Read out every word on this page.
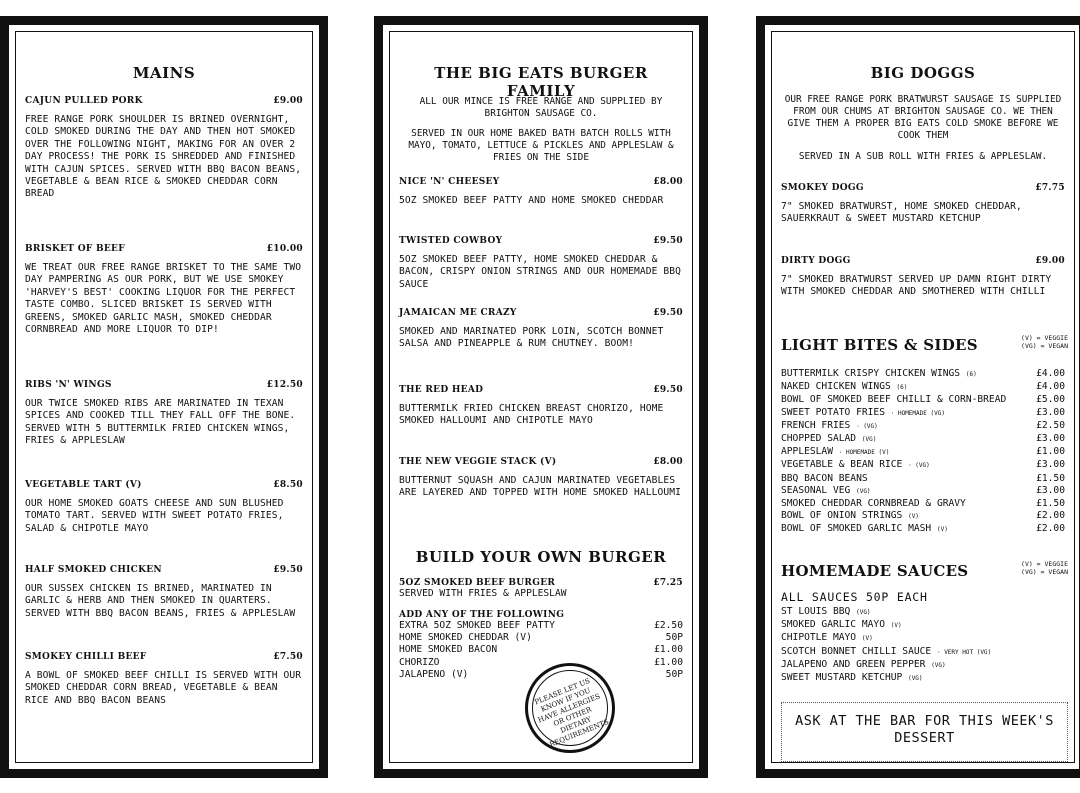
MAINS
CAJUN PULLED PORK	£9.00
FREE RANGE PORK SHOULDER IS BRINED OVERNIGHT, COLD SMOKED DURING THE DAY AND THEN HOT SMOKED OVER THE FOLLOWING NIGHT, MAKING FOR AN OVER 2 DAY PROCESS! THE PORK IS SHREDDED AND FINISHED WITH CAJUN SPICES. SERVED WITH BBQ BACON BEANS, VEGETABLE & BEAN RICE & SMOKED CHEDDAR CORN BREAD
BRISKET OF BEEF	£10.00
WE TREAT OUR FREE RANGE BRISKET TO THE SAME TWO DAY PAMPERING AS OUR PORK, BUT WE USE SMOKEY 'HARVEY'S BEST' COOKING LIQUOR FOR THE PERFECT TASTE COMBO. SLICED BRISKET IS SERVED WITH GREENS, SMOKED GARLIC MASH, SMOKED CHEDDAR CORNBREAD AND MORE LIQUOR TO DIP!
RIBS 'N' WINGS	£12.50
OUR TWICE SMOKED RIBS ARE MARINATED IN TEXAN SPICES AND COOKED TILL THEY FALL OFF THE BONE. SERVED WITH 5 BUTTERMILK FRIED CHICKEN WINGS, FRIES & APPLESLAW
VEGETABLE TART (V)	£8.50
OUR HOME SMOKED GOATS CHEESE AND SUN BLUSHED TOMATO TART. SERVED WITH SWEET POTATO FRIES, SALAD & CHIPOTLE MAYO
HALF SMOKED CHICKEN	£9.50
OUR SUSSEX CHICKEN IS BRINED, MARINATED IN GARLIC & HERB AND THEN SMOKED IN QUARTERS. SERVED WITH BBQ BACON BEANS, FRIES & APPLESLAW
SMOKEY CHILLI BEEF	£7.50
A BOWL OF SMOKED BEEF CHILLI IS SERVED WITH OUR SMOKED CHEDDAR CORN BREAD, VEGETABLE & BEAN RICE AND BBQ BACON BEANS
THE BIG EATS BURGER FAMILY
ALL OUR MINCE IS FREE RANGE AND SUPPLIED BY BRIGHTON SAUSAGE CO.
SERVED IN OUR HOME BAKED BATH BATCH ROLLS WITH MAYO, TOMATO, LETTUCE & PICKLES AND APPLESLAW & FRIES ON THE SIDE
NICE 'N' CHEESEY	£8.00
5OZ SMOKED BEEF PATTY AND HOME SMOKED CHEDDAR
TWISTED COWBOY	£9.50
5OZ SMOKED BEEF PATTY, HOME SMOKED CHEDDAR & BACON, CRISPY ONION STRINGS AND OUR HOMEMADE BBQ SAUCE
JAMAICAN ME CRAZY	£9.50
SMOKED AND MARINATED PORK LOIN, SCOTCH BONNET SALSA AND PINEAPPLE & RUM CHUTNEY. BOOM!
THE RED HEAD	£9.50
BUTTERMILK FRIED CHICKEN BREAST CHORIZO, HOME SMOKED HALLOUMI AND CHIPOTLE MAYO
THE NEW VEGGIE STACK (V)	£8.00
BUTTERNUT SQUASH AND CAJUN MARINATED VEGETABLES ARE LAYERED AND TOPPED WITH HOME SMOKED HALLOUMI
BUILD YOUR OWN BURGER
5OZ SMOKED BEEF BURGER	£7.25
SERVED WITH FRIES & APPLESLAW
ADD ANY OF THE FOLLOWING
EXTRA 5OZ SMOKED BEEF PATTY	£2.50
HOME SMOKED CHEDDAR (V)	50P
HOME SMOKED BACON	£1.00
CHORIZO	£1.00
JALAPENO (V)	50P
PLEASE LET US KNOW IF YOU HAVE ALLERGIES OR OTHER DIETARY REQUIREMENTS
BIG DOGGS
OUR FREE RANGE PORK BRATWURST SAUSAGE IS SUPPLIED FROM OUR CHUMS AT BRIGHTON SAUSAGE CO. WE THEN GIVE THEM A PROPER BIG EATS COLD SMOKE BEFORE WE COOK THEM
SERVED IN A SUB ROLL WITH FRIES & APPLESLAW.
SMOKEY DOGG	£7.75
7" SMOKED BRATWURST, HOME SMOKED CHEDDAR, SAUERKRAUT & SWEET MUSTARD KETCHUP
DIRTY DOGG	£9.00
7" SMOKED BRATWURST SERVED UP DAMN RIGHT DIRTY WITH SMOKED CHEDDAR AND SMOTHERED WITH CHILLI
LIGHT BITES & SIDES	(V) = VEGGIE
(VG) = VEGAN
BUTTERMILK CRISPY CHICKEN WINGS (6)	£4.00
NAKED CHICKEN WINGS (6)	£4.00
BOWL OF SMOKED BEEF CHILLI & CORN-BREAD	£5.00
SWEET POTATO FRIES · HOMEMADE (VG)	£3.00
FRENCH FRIES · (VG)	£2.50
CHOPPED SALAD (VG)	£3.00
APPLESLAW · HOMEMADE (V)	£1.00
VEGETABLE & BEAN RICE · (VG)	£3.00
BBQ BACON BEANS	£1.50
SEASONAL VEG (VG)	£3.00
SMOKED CHEDDAR CORNBREAD & GRAVY	£1.50
BOWL OF ONION STRINGS (V)	£2.00
BOWL OF SMOKED GARLIC MASH (V)	£2.00
HOMEMADE SAUCES	(V) = VEGGIE
(VG) = VEGAN
ALL SAUCES 50P EACH
ST LOUIS BBQ (VG)
SMOKED GARLIC MAYO (V)
CHIPOTLE MAYO (V)
SCOTCH BONNET CHILLI SAUCE · VERY HOT (VG)
JALAPENO AND GREEN PEPPER (VG)
SWEET MUSTARD KETCHUP (VG)
ASK AT THE BAR FOR THIS WEEK'S DESSERT
